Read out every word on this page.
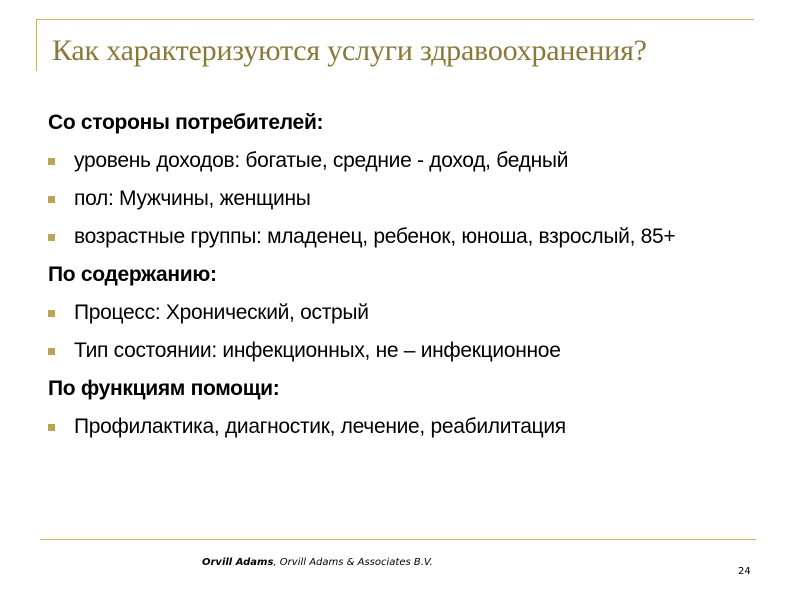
Как характеризуются услуги здравоохранения?
Со стороны потребителей:
уровень доходов: богатые, средние - доход, бедный
пол: Мужчины, женщины
возрастные группы: младенец, ребенок, юноша, взрослый, 85+
По содержанию:
Процесс: Хронический, острый
Тип состоянии: инфекционных, не – инфекционное
По функциям помощи:
Профилактика, диагностик, лечение, реабилитация
Orvill Adams, Orvill Adams & Associates B.V.
24
